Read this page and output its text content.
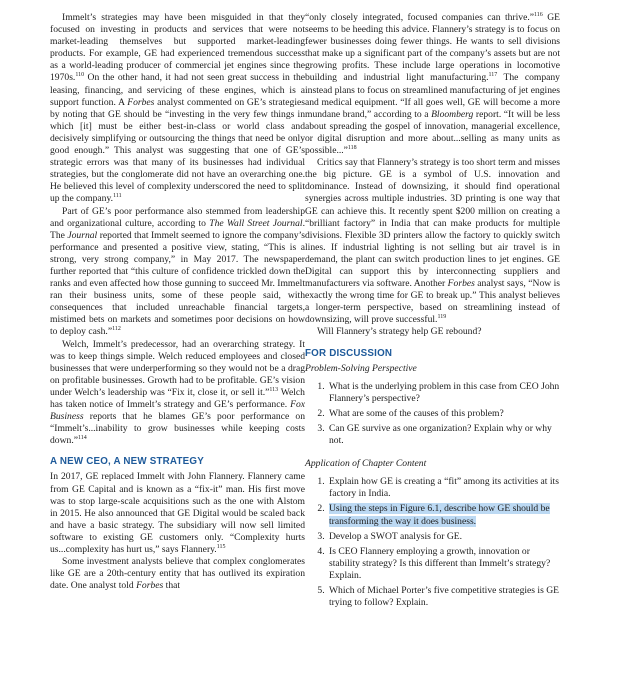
Immelt’s strategies may have been misguided in that they focused on investing in products and services that were not market-leading themselves but supported market-leading products. For example, GE had experienced tremendous success as a world-leading producer of commercial jet engines since the 1970s.$^{110}$ On the other hand, it had not seen great success in the leasing, financing, and servicing of these engines, which is a support function. A Forbes analyst commented on GE’s strategies by noting that GE should be “investing in the very few things in which [it] must be either best-in-class or world class and decisively simplifying or outsourcing the things that need be only good enough.” This analyst was suggesting that one of GE’s strategic errors was that many of its businesses had individual strategies, but the conglomerate did not have an overarching one. He believed this level of complexity underscored the need to split up the company.$^{111}$

Part of GE’s poor performance also stemmed from leadership and organizational culture, according to The Wall Street Journal. The Journal reported that Immelt seemed to ignore the company’s performance and presented a positive view, stating, “This is a strong, very strong company,” in May 2017. The newspaper further reported that “this culture of confidence trickled down the ranks and even affected how those gunning to succeed Mr. Immelt ran their business units, some of these people said, with consequences that included unreachable financial targets, mistimed bets on markets and sometimes poor decisions on how to deploy cash.”$^{112}$

Welch, Immelt’s predecessor, had an overarching strategy. It was to keep things simple. Welch reduced employees and closed businesses that were underperforming so they would not be a drag on profitable businesses. Growth had to be profitable. GE’s vision under Welch’s leadership was “Fix it, close it, or sell it.”$^{113}$ Welch has taken notice of Immelt’s strategy and GE’s performance. Fox Business reports that he blames GE’s poor performance on “Immelt’s...inability to grow businesses while keeping costs down.”$^{114}$

A NEW CEO, A NEW STRATEGY

In 2017, GE replaced Immelt with John Flannery. Flannery came from GE Capital and is known as a “fix-it” man. His first move was to stop large-scale acquisitions such as the one with Alstom in 2015. He also announced that GE Digital would be scaled back and have a basic strategy. The subsidiary will now sell limited software to existing GE customers only. “Complexity hurts us...complexity has hurt us,” says Flannery.$^{115}$

Some investment analysts believe that complex conglomerates like GE are a 20th-century entity that has outlived its expiration date. One analyst told Forbes that

“only closely integrated, focused companies can thrive.”$^{116}$ GE seems to be heeding this advice. Flannery’s strategy is to focus on fewer businesses doing fewer things. He wants to sell divisions that make up a significant part of the company’s assets but are not growing profits. These include large operations in locomotive building and industrial light manufacturing.$^{117}$ The company instead plans to focus on streamlined manufacturing of jet engines and medical equipment. “If all goes well, GE will become a more mundane brand,” according to a Bloomberg report. “It will be less about spreading the gospel of innovation, managerial excellence, or digital disruption and more about...selling as many units as possible...”$^{118}$

Critics say that Flannery’s strategy is too short term and misses the big picture. GE is a symbol of U.S. innovation and dominance. Instead of downsizing, it should find operational synergies across multiple industries. 3D printing is one way that GE can achieve this. It recently spent $200 million on creating a “brilliant factory” in India that can make products for multiple divisions. Flexible 3D printers allow the factory to quickly switch lines. If industrial lighting is not selling but air travel is in demand, the plant can switch production lines to jet engines. GE Digital can support this by interconnecting suppliers and manufacturers via software. Another Forbes analyst says, “Now is exactly the wrong time for GE to break up.” This analyst believes a longer-term perspective, based on streamlining instead of downsizing, will prove successful.$^{119}$

Will Flannery’s strategy help GE rebound?

FOR DISCUSSION
Problem-Solving Perspective
1. What is the underlying problem in this case from CEO John Flannery’s perspective?
2. What are some of the causes of this problem?
3. Can GE survive as one organization? Explain why or why not.
Application of Chapter Content
1. Explain how GE is creating a “fit” among its activities at its factory in India.
2. Using the steps in Figure 6.1, describe how GE should be transforming the way it does business.
3. Develop a SWOT analysis for GE.
4. Is CEO Flannery employing a growth, innovation or stability strategy? Is this different than Immelt’s strategy? Explain.
5. Which of Michael Porter’s five competitive strategies is GE trying to follow? Explain.
